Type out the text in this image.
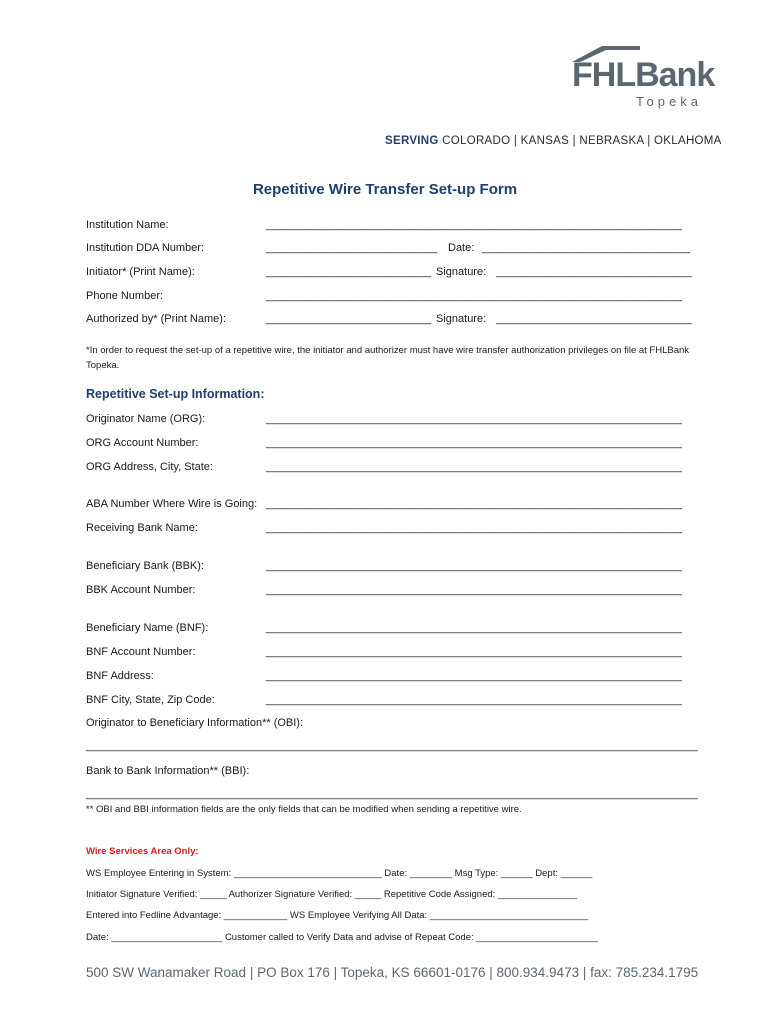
FHLBank
Topeka
SERVING COLORADO | KANSAS | NEBRASKA | OKLAHOMA
Repetitive Wire Transfer Set-up Form
Institution Name:	____________________________________________________________________
Institution DDA Number:	____________________________ Date: __________________________________
Initiator* (Print Name):	___________________________ Signature: ________________________________
Phone Number:	____________________________________________________________________
Authorized by* (Print Name):	___________________________ Signature: ________________________________
*In order to request the set-up of a repetitive wire, the initiator and authorizer must have wire transfer authorization privileges on file at FHLBank Topeka.
Repetitive Set-up Information:
Originator Name (ORG):	____________________________________________________________________
ORG Account Number:	____________________________________________________________________
ORG Address, City, State:	____________________________________________________________________
ABA Number Where Wire is Going: ____________________________________________________________________
Receiving Bank Name:	____________________________________________________________________
Beneficiary Bank (BBK):	____________________________________________________________________
BBK Account Number:	____________________________________________________________________
Beneficiary Name (BNF):	____________________________________________________________________
BNF Account Number:	____________________________________________________________________
BNF Address:	____________________________________________________________________
BNF City, State, Zip Code:	____________________________________________________________________
Originator to Beneficiary Information** (OBI):
____________________________________________________________________________________________________
Bank to Bank Information** (BBI):
____________________________________________________________________________________________________
** OBI and BBI information fields are the only fields that can be modified when sending a repetitive wire.
Wire Services Area Only:
WS Employee Entering in System: ____________________________ Date: ________ Msg Type: ______ Dept: ______
Initiator Signature Verified: _____ Authorizer Signature Verified: _____ Repetitive Code Assigned: _______________
Entered into Fedline Advantage: ____________ WS Employee Verifying All Data: ______________________________
Date: _____________________ Customer called to Verify Data and advise of Repeat Code: _______________________
500 SW Wanamaker Road | PO Box 176 | Topeka, KS 66601-0176 | 800.934.9473 | fax: 785.234.1795
